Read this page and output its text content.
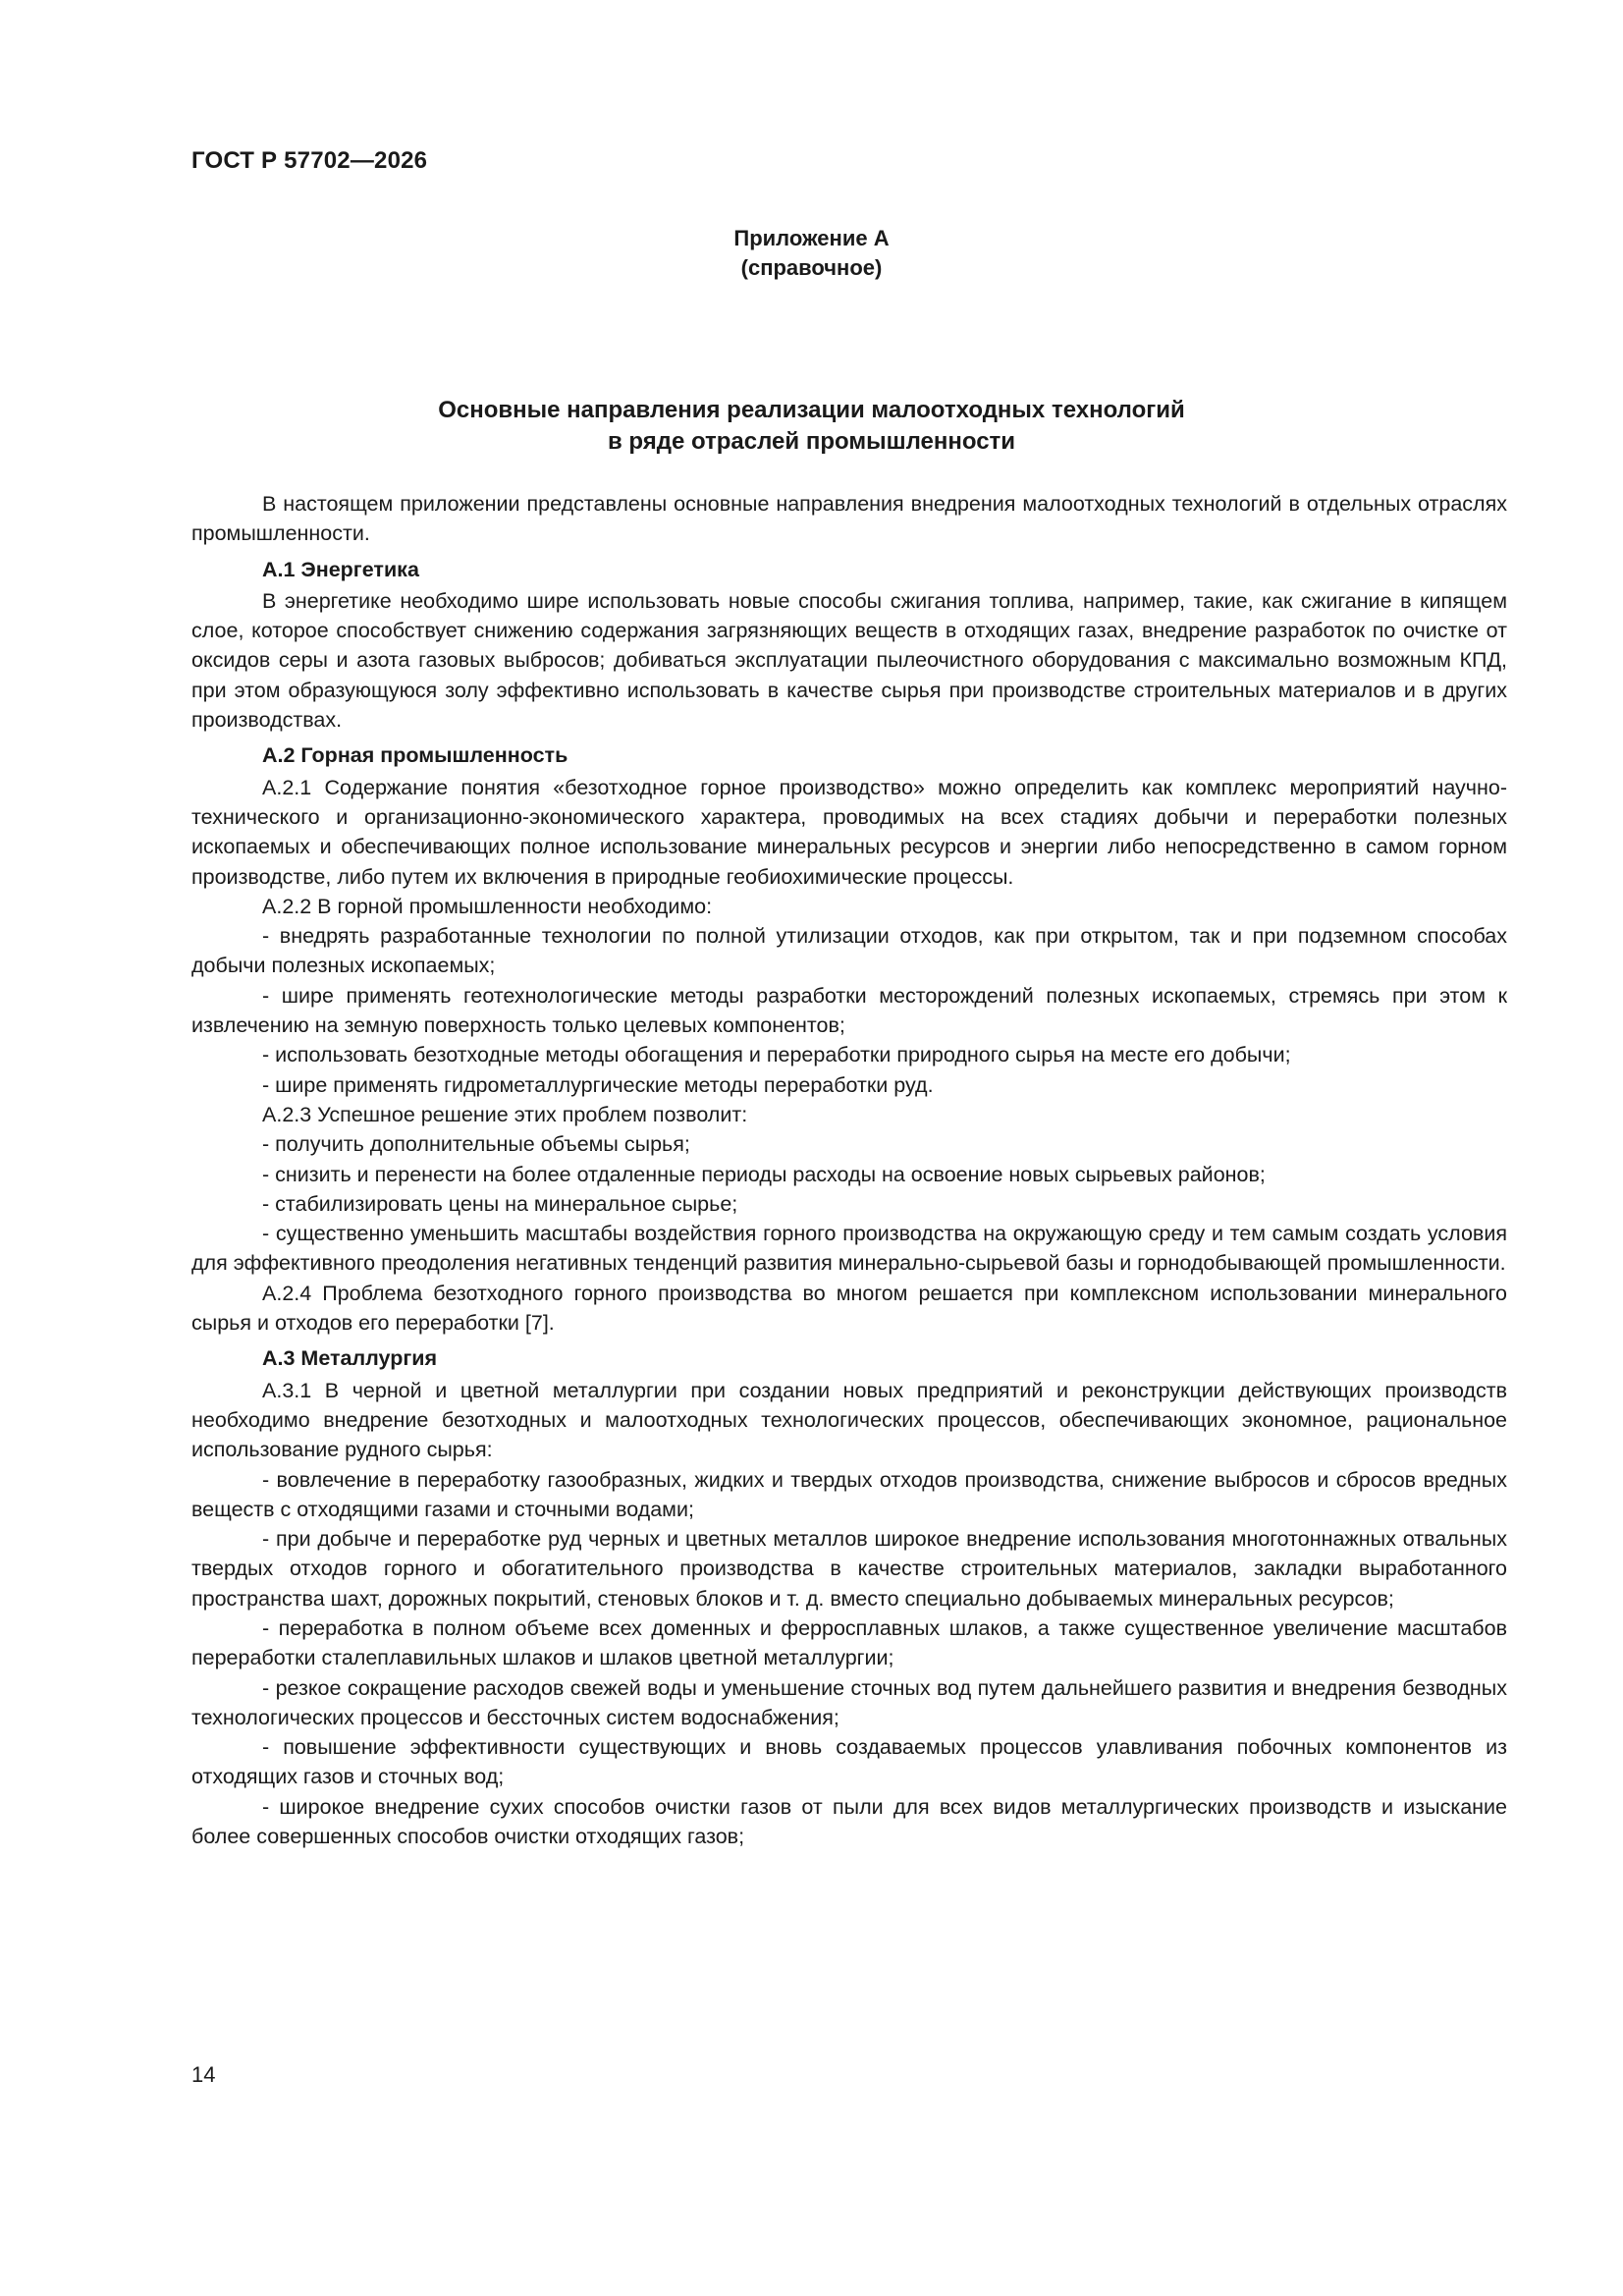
ГОСТ Р 57702—2026
Приложение А
(справочное)
Основные направления реализации малоотходных технологий
в ряде отраслей промышленности

В настоящем приложении представлены основные направления внедрения малоотходных технологий в отдельных отраслях промышленности.

А.1 Энергетика

В энергетике необходимо шире использовать новые способы сжигания топлива, например, такие, как сжигание в кипящем слое, которое способствует снижению содержания загрязняющих веществ в отходящих газах, внедрение разработок по очистке от оксидов серы и азота газовых выбросов; добиваться эксплуатации пылеочистного оборудования с максимально возможным КПД, при этом образующуюся золу эффективно использовать в качестве сырья при производстве строительных материалов и в других производствах.

А.2 Горная промышленность

А.2.1 Содержание понятия «безотходное горное производство» можно определить как комплекс мероприятий научно-технического и организационно-экономического характера, проводимых на всех стадиях добычи и переработки полезных ископаемых и обеспечивающих полное использование минеральных ресурсов и энергии либо непосредственно в самом горном производстве, либо путем их включения в природные геобиохимические процессы.

А.2.2 В горной промышленности необходимо:

- внедрять разработанные технологии по полной утилизации отходов, как при открытом, так и при подземном способах добычи полезных ископаемых;

- шире применять геотехнологические методы разработки месторождений полезных ископаемых, стремясь при этом к извлечению на земную поверхность только целевых компонентов;

- использовать безотходные методы обогащения и переработки природного сырья на месте его добычи;

- шире применять гидрометаллургические методы переработки руд.

А.2.3 Успешное решение этих проблем позволит:

- получить дополнительные объемы сырья;

- снизить и перенести на более отдаленные периоды расходы на освоение новых сырьевых районов;

- стабилизировать цены на минеральное сырье;

- существенно уменьшить масштабы воздействия горного производства на окружающую среду и тем самым создать условия для эффективного преодоления негативных тенденций развития минерально-сырьевой базы и горнодобывающей промышленности.

А.2.4 Проблема безотходного горного производства во многом решается при комплексном использовании минерального сырья и отходов его переработки [7].

А.3 Металлургия

А.3.1 В черной и цветной металлургии при создании новых предприятий и реконструкции действующих производств необходимо внедрение безотходных и малоотходных технологических процессов, обеспечивающих экономное, рациональное использование рудного сырья:

- вовлечение в переработку газообразных, жидких и твердых отходов производства, снижение выбросов и сбросов вредных веществ с отходящими газами и сточными водами;

- при добыче и переработке руд черных и цветных металлов широкое внедрение использования многотоннажных отвальных твердых отходов горного и обогатительного производства в качестве строительных материалов, закладки выработанного пространства шахт, дорожных покрытий, стеновых блоков и т. д. вместо специально добываемых минеральных ресурсов;

- переработка в полном объеме всех доменных и ферросплавных шлаков, а также существенное увеличение масштабов переработки сталеплавильных шлаков и шлаков цветной металлургии;

- резкое сокращение расходов свежей воды и уменьшение сточных вод путем дальнейшего развития и внедрения безводных технологических процессов и бессточных систем водоснабжения;

- повышение эффективности существующих и вновь создаваемых процессов улавливания побочных компонентов из отходящих газов и сточных вод;

- широкое внедрение сухих способов очистки газов от пыли для всех видов металлургических производств и изыскание более совершенных способов очистки отходящих газов;

14
